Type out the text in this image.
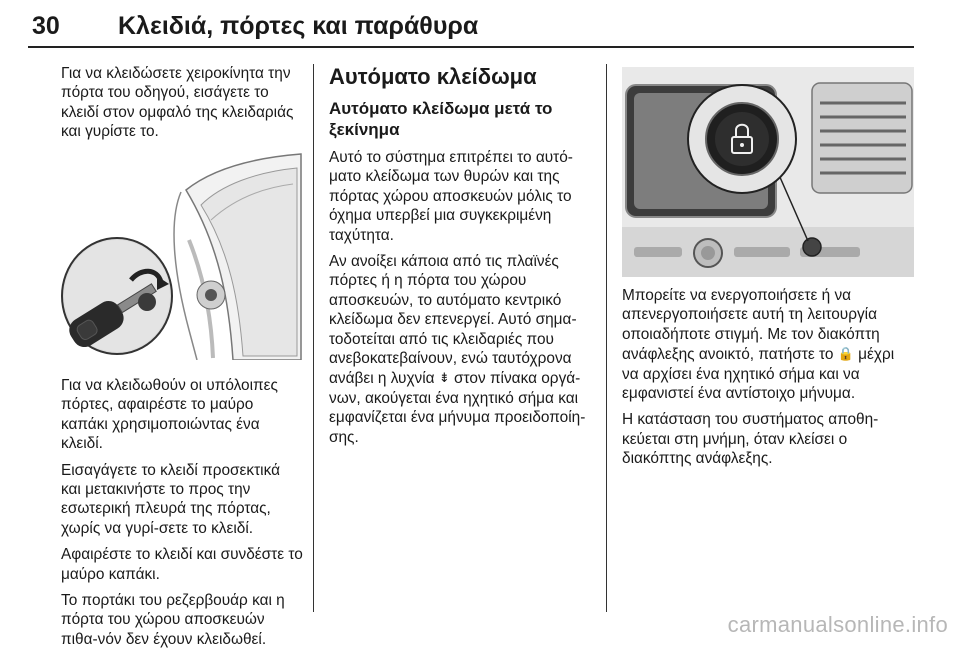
30 Κλειδιά, πόρτες και παράθυρα

Για να κλειδώσετε χειροκίνητα την πόρτα του οδηγού, εισάγετε το κλειδί στον ομφαλό της κλειδαριάς και γυρίστε το.

Για να κλειδωθούν οι υπόλοιπες πόρτες, αφαιρέστε το μαύρο καπάκι χρησιμοποιώντας ένα κλειδί.

Εισαγάγετε το κλειδί προσεκτικά και μετακινήστε το προς την εσωτερική πλευρά της πόρτας, χωρίς να γυρί-σετε το κλειδί.

Αφαιρέστε το κλειδί και συνδέστε το μαύρο καπάκι.

Το πορτάκι του ρεζερβουάρ και η πόρτα του χώρου αποσκευών πιθα-νόν δεν έχουν κλειδωθεί.

Αυτόματο κλείδωμα
Αυτόματο κλείδωμα μετά το ξεκίνημα

Αυτό το σύστημα επιτρέπει το αυτό-ματο κλείδωμα των θυρών και της πόρτας χώρου αποσκευών μόλις το όχημα υπερβεί μια συγκεκριμένη ταχύτητα.

Αν ανοίξει κάποια από τις πλαϊνές πόρτες ή η πόρτα του χώρου αποσκευών, το αυτόματο κεντρικό κλείδωμα δεν επενεργεί. Αυτό σημα-τοδοτείται από τις κλειδαριές που ανεβοκατεβαίνουν, ενώ ταυτόχρονα ανάβει η λυχνία ⇟ στον πίνακα οργά-νων, ακούγεται ένα ηχητικό σήμα και εμφανίζεται ένα μήνυμα προειδοποίη-σης.

Μπορείτε να ενεργοποιήσετε ή να απενεργοποιήσετε αυτή τη λειτουργία οποιαδήποτε στιγμή. Με τον διακόπτη ανάφλεξης ανοικτό, πατήστε το 🔒 μέχρι να αρχίσει ένα ηχητικό σήμα και να εμφανιστεί ένα αντίστοιχο μήνυμα.

Η κατάσταση του συστήματος αποθη-κεύεται στη μνήμη, όταν κλείσει ο διακόπτης ανάφλεξης.

carmanualsonline.info
